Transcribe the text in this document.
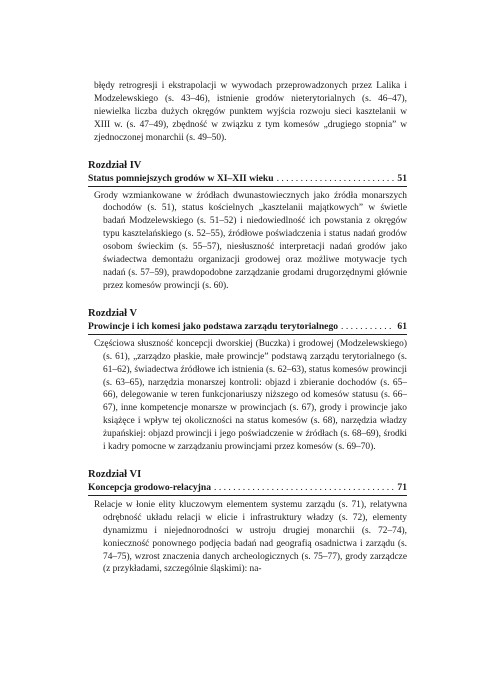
błędy retrogresji i ekstrapolacji w wywodach przeprowadzonych przez Lalika i Modzelewskiego (s. 43–46), istnienie grodów nieterytorialnych (s. 46–47), niewielka liczba dużych okręgów punktem wyjścia rozwoju sieci kasztelanii w XIII w. (s. 47–49), zbędność w związku z tym komesów „drugiego stopnia” w zjednoczonej monarchii (s. 49–50).

Rozdział IV
Status pomniejszych grodów w XI–XII wieku . . .	51

Grody wzmiankowane w źródłach dwunastowiecznych jako źródła monarszych dochodów (s. 51), status kościelnych „kasztelanii majątkowych” w świetle badań Modzelewskiego (s. 51–52) i niedowiedlność ich powstania z okręgów typu kasztelańskiego (s. 52–55), źródłowe poświadczenia i status nadań grodów osobom świeckim (s. 55–57), niesłuszność interpretacji nadań grodów jako świadectwa demontażu organizacji grodowej oraz możliwe motywacje tych nadań (s. 57–59), prawdopodobne zarządzanie grodami drugorzędnymi głównie przez komesów prowincji (s. 60).

Rozdział V
Prowincje i ich komesi jako podstawa zarządu terytorialnego . . .	61

Częściowa słuszność koncepcji dworskiej (Buczka) i grodowej (Modzelewskiego) (s. 61), „zarządzo płaskie, małe prowincje” podstawą zarządu terytorialnego (s. 61–62), świadectwa źródłowe ich istnienia (s. 62–63), status komesów prowincji (s. 63–65), narzędzia monarszej kontroli: objazd i zbieranie dochodów (s. 65–66), delegowanie w teren funkcjonariuszy niższego od komesów statusu (s. 66–67), inne kompetencje monarsze w prowincjach (s. 67), grody i prowincje jako książęce i wpływ tej okoliczności na status komesów (s. 68), narzędzia władzy żupańskiej: objazd prowincji i jego poświadczenie w źródłach (s. 68–69), środki i kadry pomocne w zarządzaniu prowincjami przez komesów (s. 69–70).

Rozdział VI
Koncepcja grodowo-relacyjna . . .	71

Relacje w łonie elity kluczowym elementem systemu zarządu (s. 71), relatywna odrębność układu relacji w elicie i infrastruktury władzy (s. 72), elementy dynamizmu i niejednorodności w ustroju drugiej monarchii (s. 72–74), konieczność ponownego podjęcia badań nad geografią osadnictwa i zarządu (s. 74–75), wzrost znaczenia danych archeologicznych (s. 75–77), grody zarządcze (z przykładami, szczególnie śląskimi): na-
